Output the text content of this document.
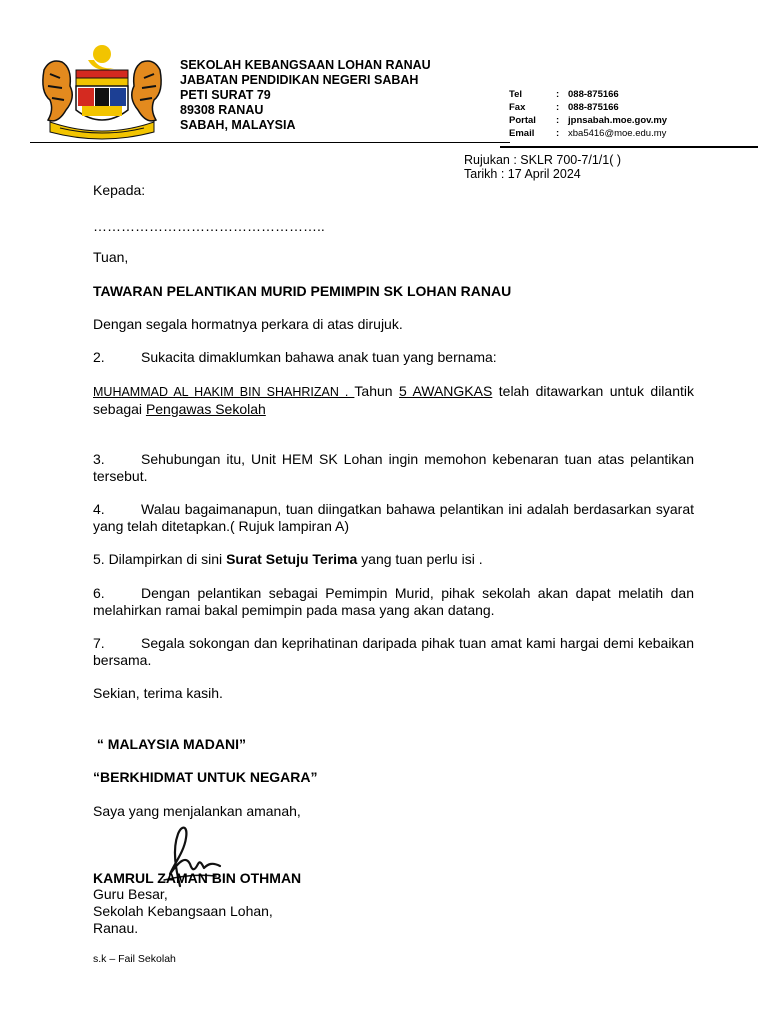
SEKOLAH KEBANGSAAN LOHAN RANAU
JABATAN PENDIDIKAN NEGERI SABAH
PETI SURAT 79
89308 RANAU
SABAH, MALAYSIA
Tel	: 088-875166
Fax	: 088-875166
Portal	: jpnsabah.moe.gov.my
Email	: xba5416@moe.edu.my
Rujukan : SKLR 700-7/1/1( )
Tarikh : 17 April 2024
Kepada:
…………………………………………..
Tuan,
TAWARAN PELANTIKAN MURID PEMIMPIN SK LOHAN RANAU
Dengan segala hormatnya perkara di atas dirujuk.
2.	Sukacita dimaklumkan bahawa anak tuan yang bernama:
MUHAMMAD AL HAKIM BIN SHAHRIZAN . Tahun 5 AWANGKAS telah ditawarkan untuk dilantik sebagai Pengawas Sekolah
3.	Sehubungan itu, Unit HEM SK Lohan ingin memohon kebenaran tuan atas pelantikan tersebut.
4.	Walau bagaimanapun, tuan diingatkan bahawa pelantikan ini adalah berdasarkan syarat yang telah ditetapkan.( Rujuk lampiran A)
5. Dilampirkan di sini Surat Setuju Terima yang tuan perlu isi .
6.	Dengan pelantikan sebagai Pemimpin Murid, pihak sekolah akan dapat melatih dan melahirkan ramai bakal pemimpin pada masa yang akan datang.
7.	Segala sokongan dan keprihatinan daripada pihak tuan amat kami hargai demi kebaikan bersama.
Sekian, terima kasih.
“ MALAYSIA MADANI”
“BERKHIDMAT UNTUK NEGARA”
Saya yang menjalankan amanah,
KAMRUL ZAMAN BIN OTHMAN
Guru Besar,
Sekolah Kebangsaan Lohan,
Ranau.
s.k – Fail Sekolah
